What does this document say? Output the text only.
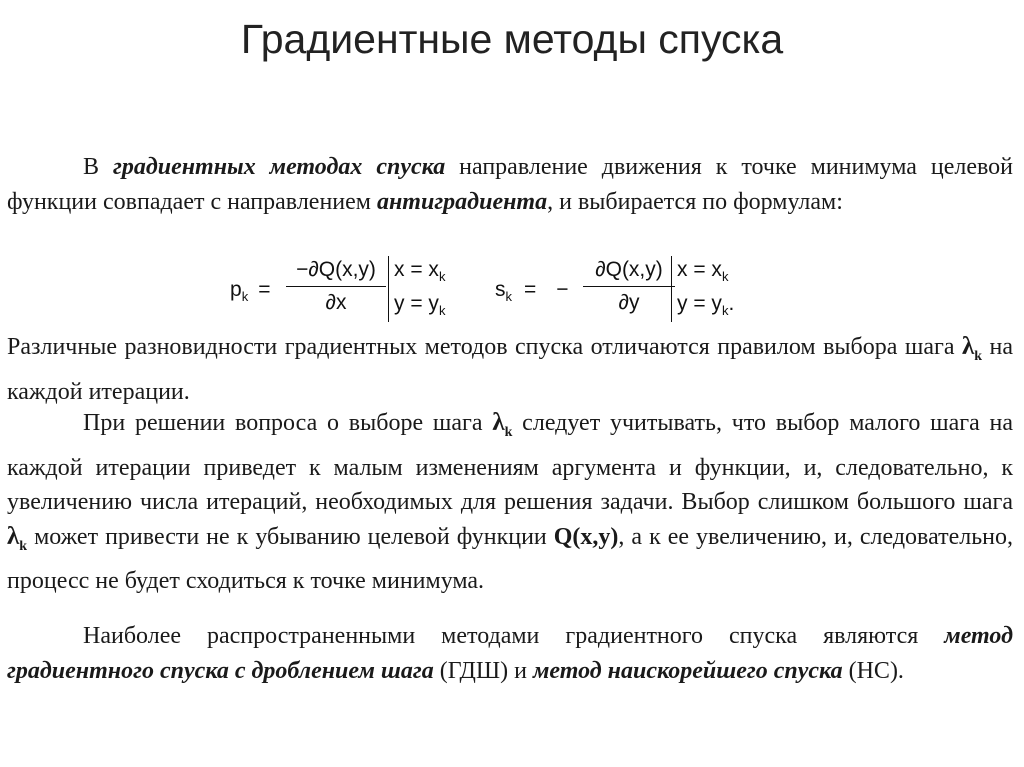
Градиентные методы спуска
В градиентных методах спуска направление движения к точке минимума целевой функции совпадает с направлением антиградиента, и выбирается по формулам:
$p_k$ =
−∂Q(x,y)
∂x
$x = x_k$
$y = y_k$
$s_k$ = −
∂Q(x,y)
∂y
$x = x_k$
$y = y_k$.
Различные разновидности градиентных методов спуска отличаются правилом выбора шага $\lambda_k$ на каждой итерации.
При решении вопроса о выборе шага $\lambda_k$ следует учитывать, что выбор малого шага на каждой итерации приведет к малым изменениям аргумента и функции, и, следовательно, к увеличению числа итераций, необходимых для решения задачи. Выбор слишком большого шага $\lambda_k$ может привести не к убыванию целевой функции Q(x,y), а к ее увеличению, и, следовательно, процесс не будет сходиться к точке минимума.
Наиболее распространенными методами градиентного спуска являются метод градиентного спуска с дроблением шага (ГДШ) и метод наискорейшего спуска (НС).
